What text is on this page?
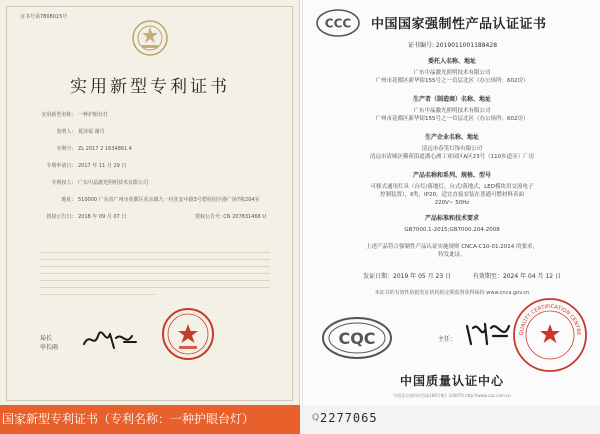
证书号第7808015号
实用新型专利证书
实用新型名称:	一种护眼台灯
发明人:	夏泽福 谢丹
专利号:	ZL 2017 2 1634861.4
专利申请日:	2017 年 11 月 29 日
专利权人:	广东中晶激光照明技术有限公司
地址:	510000 广东省广州市花都区花东镇九一村花安中路3号碧桂园空港广场7栋204室
授权公告日:	2018 年 09 月 07 日	授权公告号: CN 207831468 U
局长
申长雨
CCC 中国国家强制性产品认证证书
证书编号: 2019011001188428
委托人名称、地址
广东中晶激光照明技术有限公司
广州市花都区新华街155号之一首层北区（办公场所：602房）
生产者（制造商）名称、地址
广东中晶激光照明技术有限公司
广州市花都区新华街155号之一首层北区（办公场所：602房）
生产企业名称、地址
清远市春笑灯饰有限公司
清远市清城区横荷街道湖心洲工业园区A区23号（110乡道旁）厂房
产品名称和系列、规格、型号
可移式通用灯具（台灯/落地灯，台式/落地式，LED模块用交流电子
控制装置），Ⅱ类，IP20，适宜直接安装在普通可燃材料表面
220V~ 50Hz
产品标准和技术要求
GB7000.1-2015;GB7000.204-2008
上述产品符合强制性产品认证实施规则 CNCA-C10-01:2014 的要求，
特发此证。
发证日期：2019 年 05 月 23 日	有效期至：2024 年 04 月 12 日
本证书的有效性依据发证机构的定期监督获得保持 www.cnca.gov.cn
CQC	主任：
QUALITY CERTIFICATION CENTRE
中国质量认证中心
中国北京南四环西路188号9区 100070 http://www.cqc.com.cn
国家新型专利证书（专利名称：一种护眼台灯）	Q 2277065
